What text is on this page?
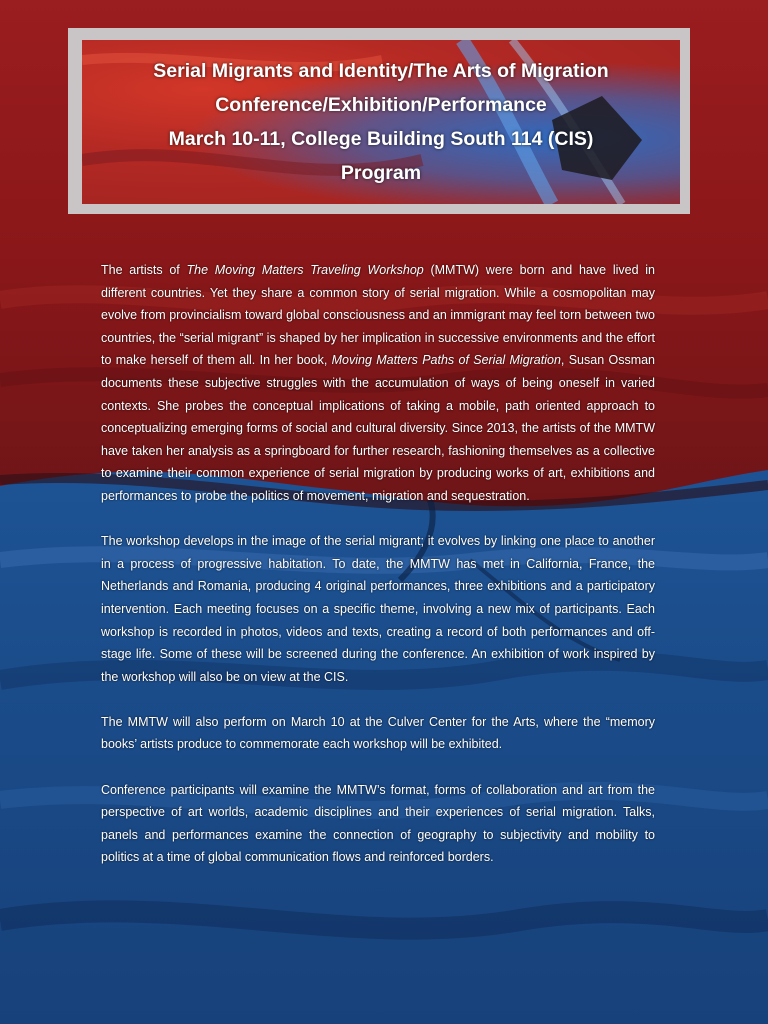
Serial Migrants and Identity/The Arts of Migration
Conference/Exhibition/Performance
March 10-11, College Building South 114 (CIS)
Program

The artists of The Moving Matters Traveling Workshop (MMTW) were born and have lived in different countries. Yet they share a common story of serial migration. While a cosmopolitan may evolve from provincialism toward global consciousness and an immigrant may feel torn between two countries, the “serial migrant” is shaped by her implication in successive environments and the effort to make herself of them all. In her book, Moving Matters Paths of Serial Migration, Susan Ossman documents these subjective struggles with the accumulation of ways of being oneself in varied contexts. She probes the conceptual implications of taking a mobile, path oriented approach to conceptualizing emerging forms of social and cultural diversity. Since 2013, the artists of the MMTW have taken her analysis as a springboard for further research, fashioning themselves as a collective to examine their common experience of serial migration by producing works of art, exhibitions and performances to probe the politics of movement, migration and sequestration.

The workshop develops in the image of the serial migrant; it evolves by linking one place to another in a process of progressive habitation. To date, the MMTW has met in California, France, the Netherlands and Romania, producing 4 original performances, three exhibitions and a participatory intervention. Each meeting focuses on a specific theme, involving a new mix of participants. Each workshop is recorded in photos, videos and texts, creating a record of both performances and off-stage life. Some of these will be screened during the conference. An exhibition of work inspired by the workshop will also be on view at the CIS.

The MMTW will also perform on March 10 at the Culver Center for the Arts, where the “memory books’ artists produce to commemorate each workshop will be exhibited.

Conference participants will examine the MMTW’s format, forms of collaboration and art from the perspective of art worlds, academic disciplines and their experiences of serial migration. Talks, panels and performances examine the connection of geography to subjectivity and mobility to politics at a time of global communication flows and reinforced borders.
